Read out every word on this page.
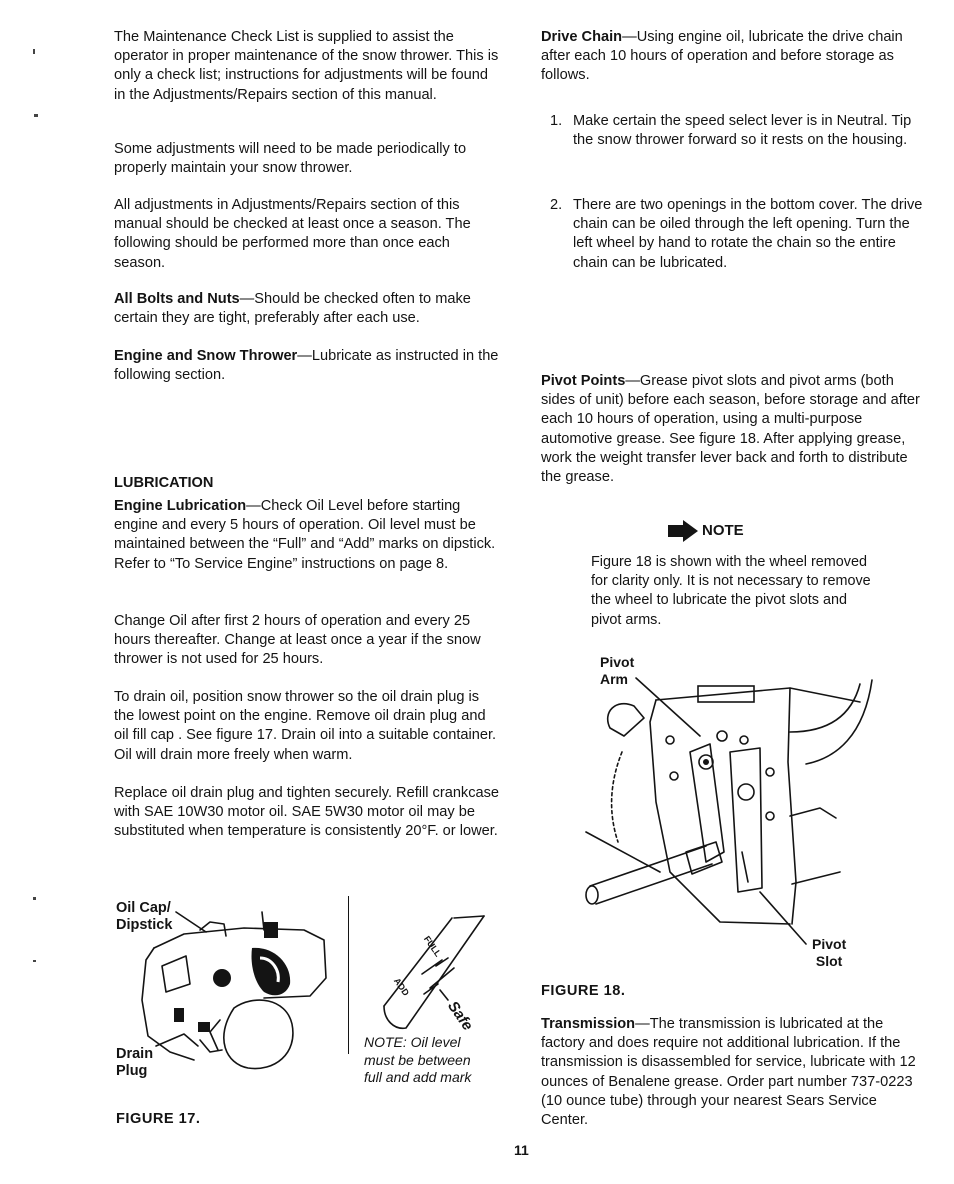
The Maintenance Check List is supplied to assist the operator in proper maintenance of the snow thrower. This is only a check list; instructions for adjustments will be found in the Adjustments/Repairs section of this manual.

Some adjustments will need to be made periodically to properly maintain your snow thrower.

All adjustments in Adjustments/Repairs section of this manual should be checked at least once a season. The following should be performed more than once each season.

All Bolts and Nuts—Should be checked often to make certain they are tight, preferably after each use.

Engine and Snow Thrower—Lubricate as instructed in the following section.

LUBRICATION

Engine Lubrication—Check Oil Level before starting engine and every 5 hours of operation. Oil level must be maintained between the “Full” and “Add” marks on dipstick. Refer to “To Service Engine” instructions on page 8.

Change Oil after first 2 hours of operation and every 25 hours thereafter. Change at least once a year if the snow thrower is not used for 25 hours.

To drain oil, position snow thrower so the oil drain plug is the lowest point on the engine. Remove oil drain plug and oil fill cap . See figure 17. Drain oil into a suitable container. Oil will drain more freely when warm.

Replace oil drain plug and tighten securely. Refill crankcase with SAE 10W30 motor oil. SAE 5W30 motor oil may be substituted when temperature is consistently 20°F. or lower.

Oil Cap/
Dipstick
Drain
Plug
FULL
ADD
Safe
NOTE: Oil level
must be between
full and add mark
FIGURE 17.

Drive Chain—Using engine oil, lubricate the drive chain after each 10 hours of operation and before storage as follows.

1. Make certain the speed select lever is in Neutral. Tip the snow thrower forward so it rests on the housing.
2. There are two openings in the bottom cover. The drive chain can be oiled through the left opening. Turn the left wheel by hand to rotate the chain so the entire chain can be lubricated.

Pivot Points—Grease pivot slots and pivot arms (both sides of unit) before each season, before storage and after each 10 hours of operation, using a multi-purpose automotive grease. See figure 18. After applying grease, work the weight transfer lever back and forth to distribute the grease.

NOTE

Figure 18 is shown with the wheel removed for clarity only. It is not necessary to remove the wheel to lubricate the pivot slots and pivot arms.

Pivot
Arm
Pivot
Slot
FIGURE 18.

Transmission—The transmission is lubricated at the factory and does require not additional lubrication. If the transmission is disassembled for service, lubricate with 12 ounces of Benalene grease. Order part number 737-0223 (10 ounce tube) through your nearest Sears Service Center.

11
